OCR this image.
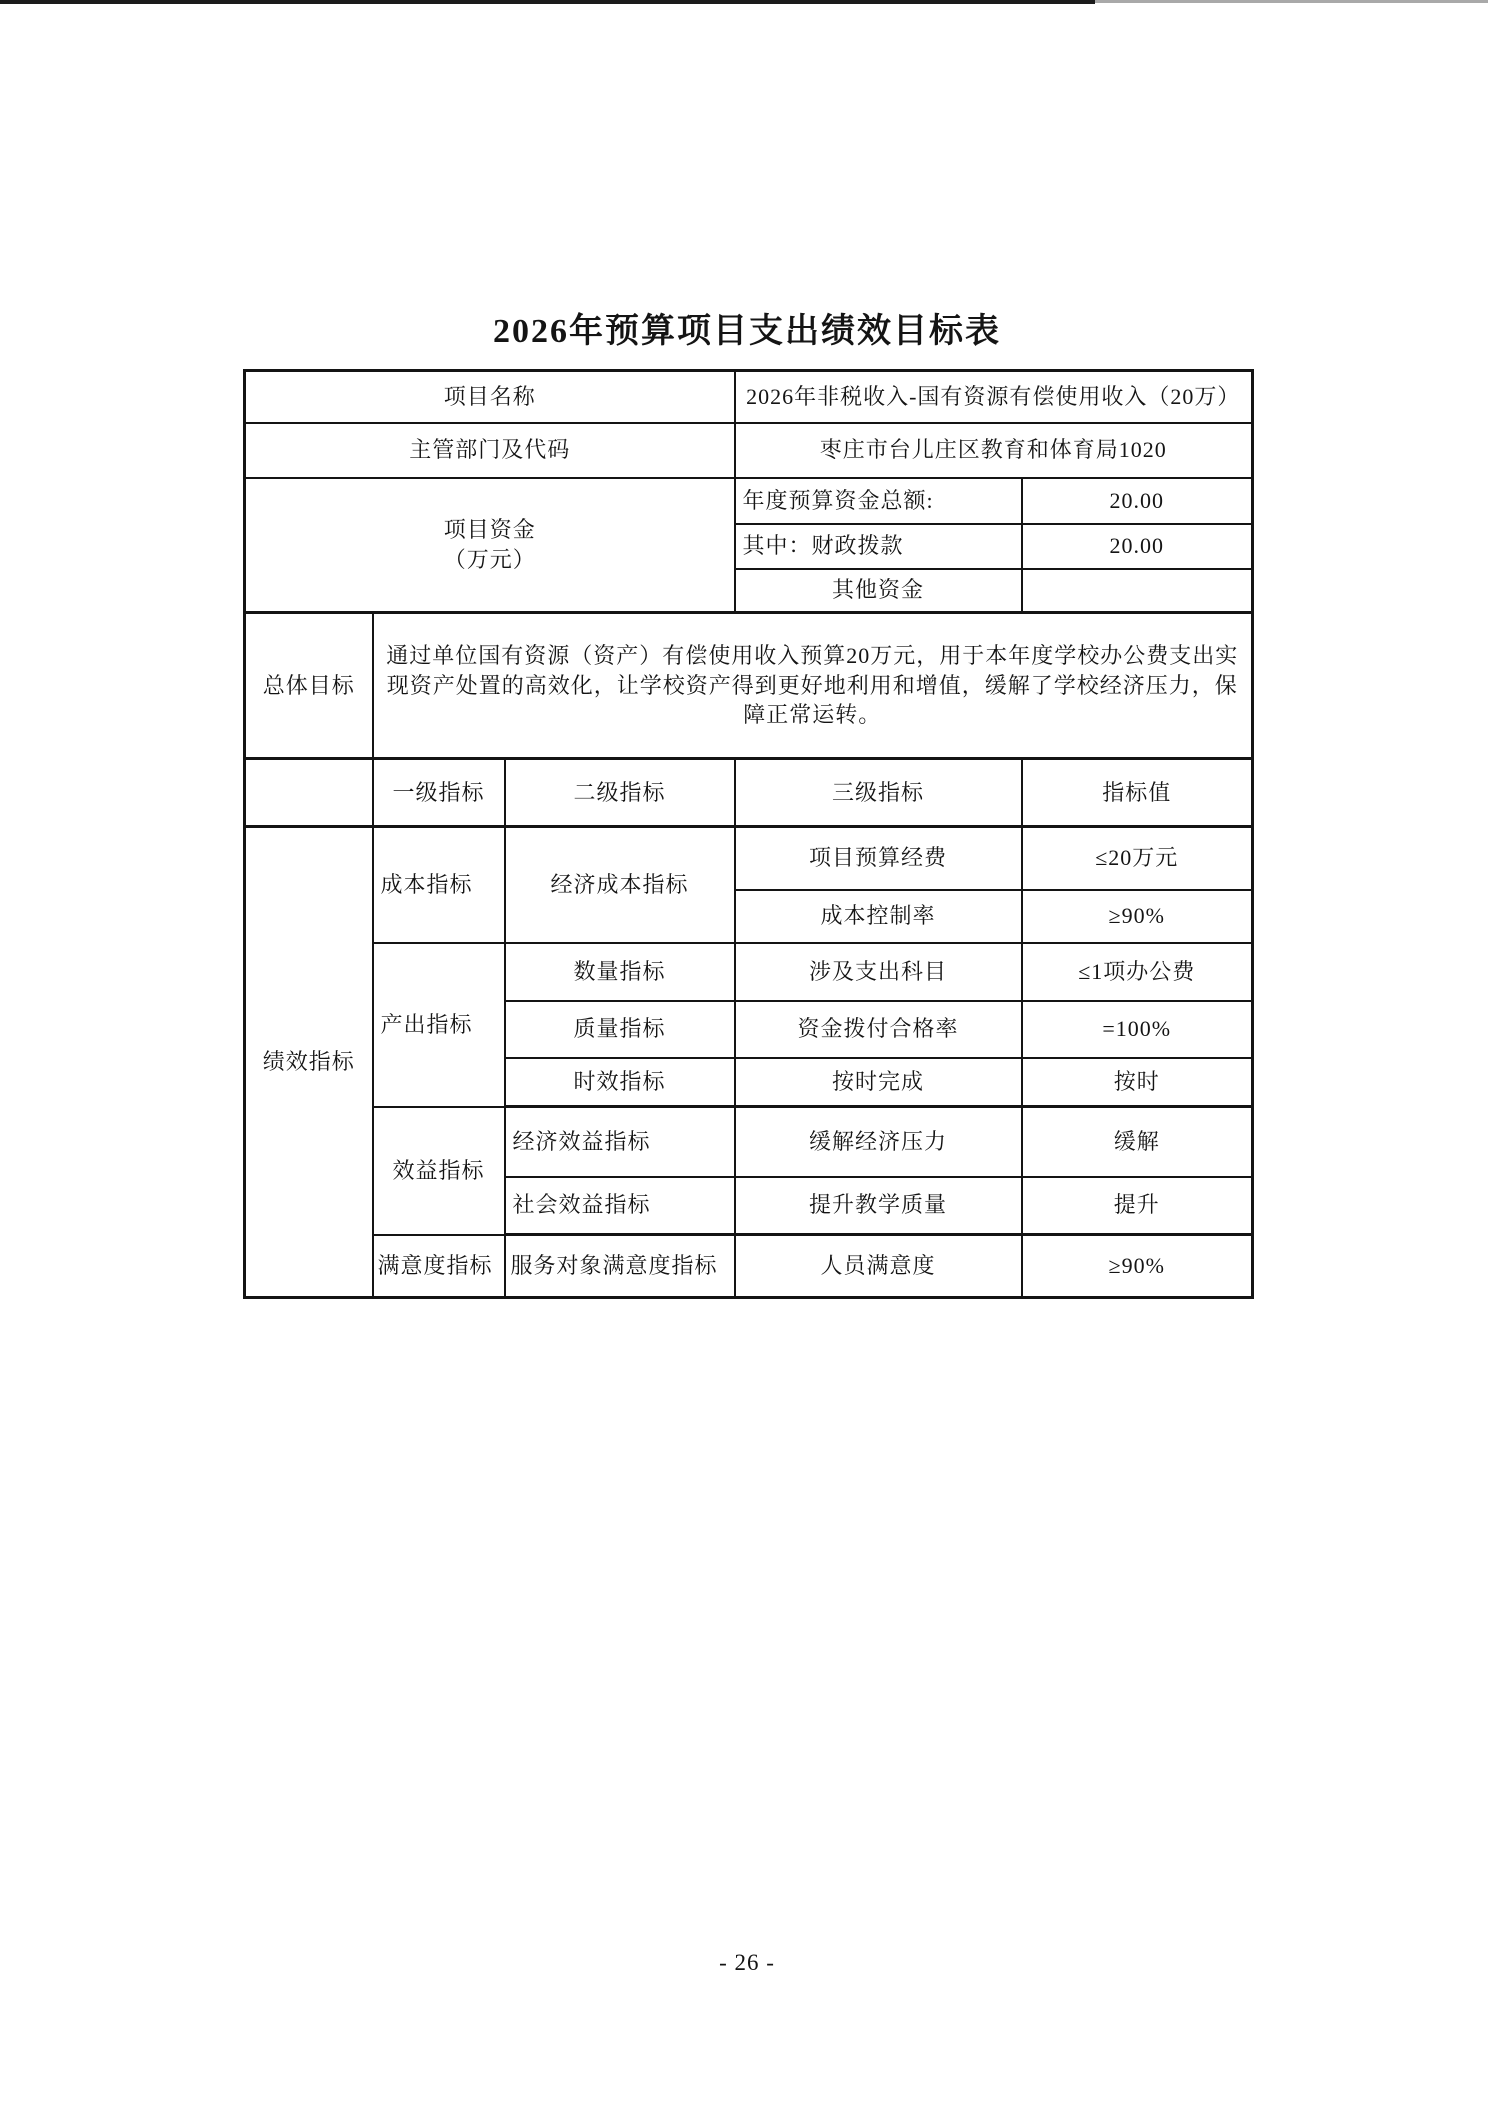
2026年预算项目支出绩效目标表
项目名称			2026年非税收入-国有资源有偿使用收入（20万）	
主管部门及代码			枣庄市台儿庄区教育和体育局1020	

项目资金
（万元）			年度预算资金总额:	20.00
			其中：财政拨款	20.00
			其他资金	
总体目标	通过单位国有资源（资产）有偿使用收入预算20万元，用于本年度学校办公费支出实现资产处置的高效化，让学校资产得到更好地利用和增值，缓解了学校经济压力，保障正常运转。			
	一级指标	二级指标	三级指标	指标值
绩效指标	成本指标	经济成本指标	项目预算经费	≤20万元
			成本控制率	≥90%
	产出指标	数量指标	涉及支出科目	≤1项办公费
		质量指标	资金拨付合格率	=100%
		时效指标	按时完成	按时
	效益指标	经济效益指标	缓解经济压力	缓解
		社会效益指标	提升教学质量	提升
	满意度指标	服务对象满意度指标	人员满意度	≥90%
- 26 -
